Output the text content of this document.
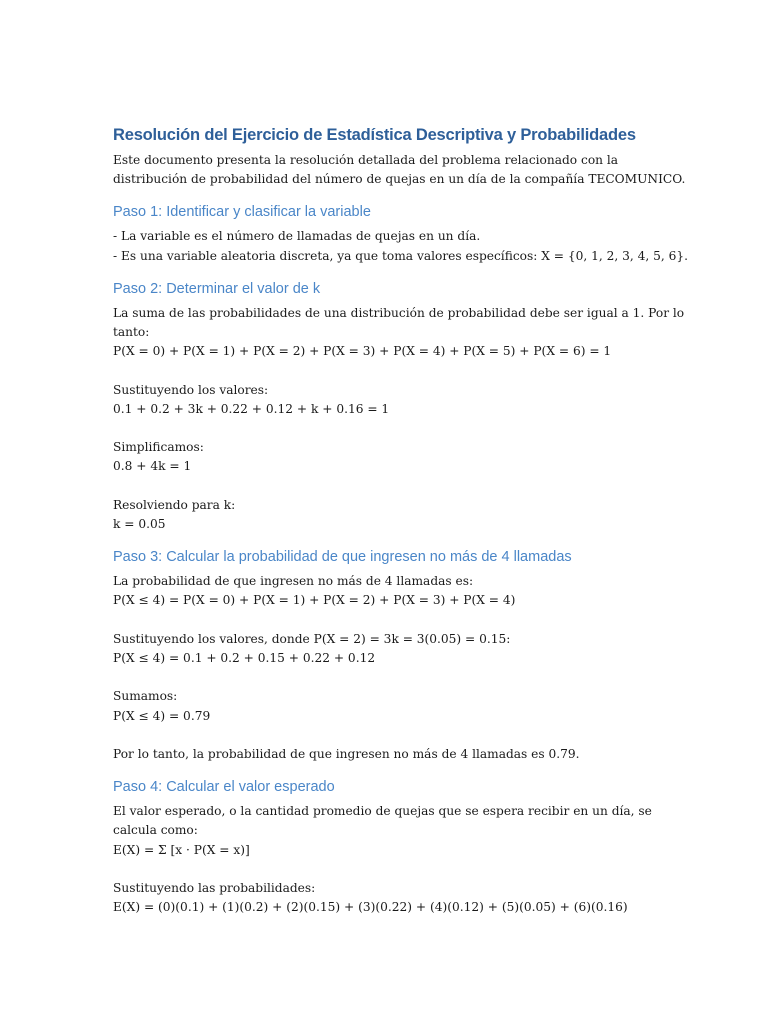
Resolución del Ejercicio de Estadística Descriptiva y Probabilidades

Este documento presenta la resolución detallada del problema relacionado con la

distribución de probabilidad del número de quejas en un día de la compañía TECOMUNICO.

Paso 1: Identificar y clasificar la variable

- La variable es el número de llamadas de quejas en un día.

- Es una variable aleatoria discreta, ya que toma valores específicos: X = {0, 1, 2, 3, 4, 5, 6}.

Paso 2: Determinar el valor de k

La suma de las probabilidades de una distribución de probabilidad debe ser igual a 1. Por lo

tanto:

P(X = 0) + P(X = 1) + P(X = 2) + P(X = 3) + P(X = 4) + P(X = 5) + P(X = 6) = 1

Sustituyendo los valores:

0.1 + 0.2 + 3k + 0.22 + 0.12 + k + 0.16 = 1

Simplificamos:

0.8 + 4k = 1

Resolviendo para k:

k = 0.05

Paso 3: Calcular la probabilidad de que ingresen no más de 4 llamadas

La probabilidad de que ingresen no más de 4 llamadas es:

P(X ≤ 4) = P(X = 0) + P(X = 1) + P(X = 2) + P(X = 3) + P(X = 4)

Sustituyendo los valores, donde P(X = 2) = 3k = 3(0.05) = 0.15:

P(X ≤ 4) = 0.1 + 0.2 + 0.15 + 0.22 + 0.12

Sumamos:

P(X ≤ 4) = 0.79

Por lo tanto, la probabilidad de que ingresen no más de 4 llamadas es 0.79.

Paso 4: Calcular el valor esperado

El valor esperado, o la cantidad promedio de quejas que se espera recibir en un día, se

calcula como:

E(X) = Σ [x · P(X = x)]

Sustituyendo las probabilidades:

E(X) = (0)(0.1) + (1)(0.2) + (2)(0.15) + (3)(0.22) + (4)(0.12) + (5)(0.05) + (6)(0.16)
